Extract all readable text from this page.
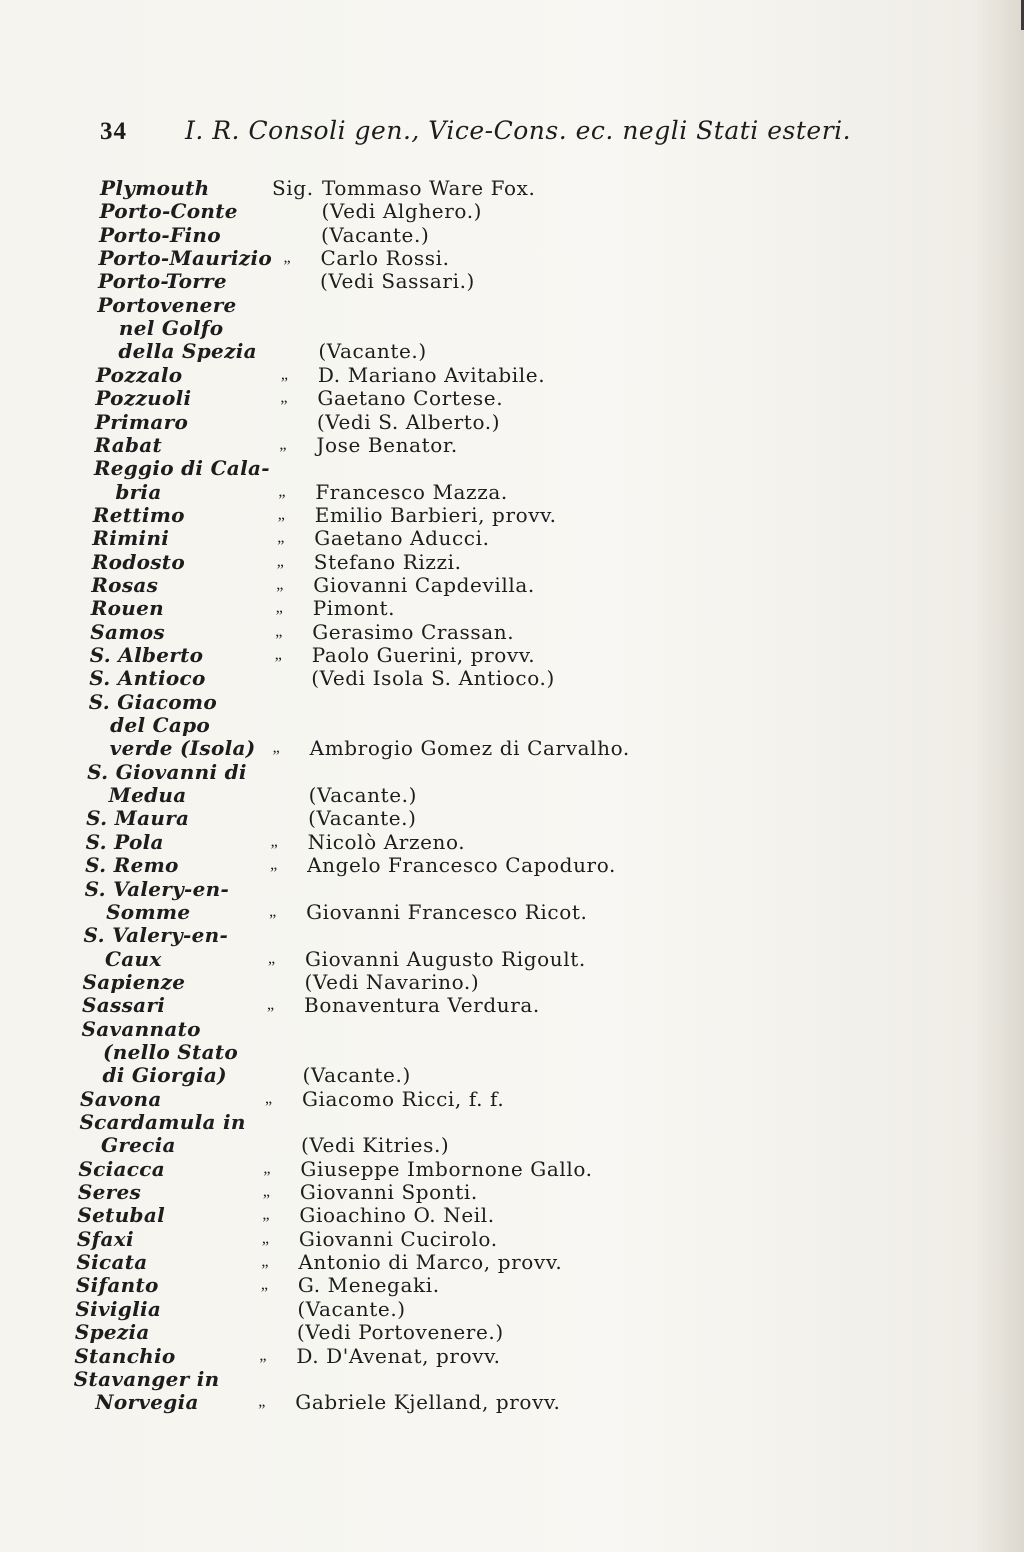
34 I. R. Consoli gen., Vice-Cons. ec. negli Stati esteri.
Plymouth	Sig. Tommaso Ware Fox.
Porto-Conte	(Vedi Alghero.)
Porto-Fino	(Vacante.)
Porto-Maurizio „ Carlo Rossi.
Porto-Torre	(Vedi Sassari.)
Portovenere
nel Golfo
della Spezia	(Vacante.)
Pozzalo	„ D. Mariano Avitabile.
Pozzuoli	„ Gaetano Cortese.
Primaro	(Vedi S. Alberto.)
Rabat	„ Jose Benator.
Reggio di Cala-
bria	„ Francesco Mazza.
Rettimo	„ Emilio Barbieri, provv.
Rimini	„ Gaetano Aducci.
Rodosto	„ Stefano Rizzi.
Rosas	„ Giovanni Capdevilla.
Rouen	„ Pimont.
Samos	„ Gerasimo Crassan.
S. Alberto	„ Paolo Guerini, provv.
S. Antioco	(Vedi Isola S. Antioco.)
S. Giacomo
del Capo
verde (Isola) „ Ambrogio Gomez di Carvalho.
S. Giovanni di
Medua	(Vacante.)
S. Maura	(Vacante.)
S. Pola	„ Nicolò Arzeno.
S. Remo	„ Angelo Francesco Capoduro.
S. Valery-en-
Somme	„ Giovanni Francesco Ricot.
S. Valery-en-
Caux	„ Giovanni Augusto Rigoult.
Sapienze	(Vedi Navarino.)
Sassari	„ Bonaventura Verdura.
Savannato
(nello Stato
di Giorgia)	(Vacante.)
Savona	„ Giacomo Ricci, f. f.
Scardamula in
Grecia	(Vedi Kitries.)
Sciacca	„ Giuseppe Imbornone Gallo.
Seres	„ Giovanni Sponti.
Setubal	„ Gioachino O. Neil.
Sfaxi	„ Giovanni Cucirolo.
Sicata	„ Antonio di Marco, provv.
Sifanto	„ G. Menegaki.
Siviglia	(Vacante.)
Spezia	(Vedi Portovenere.)
Stanchio	„ D. D'Avenat, provv.
Stavanger in
Norvegia	„ Gabriele Kjelland, provv.
